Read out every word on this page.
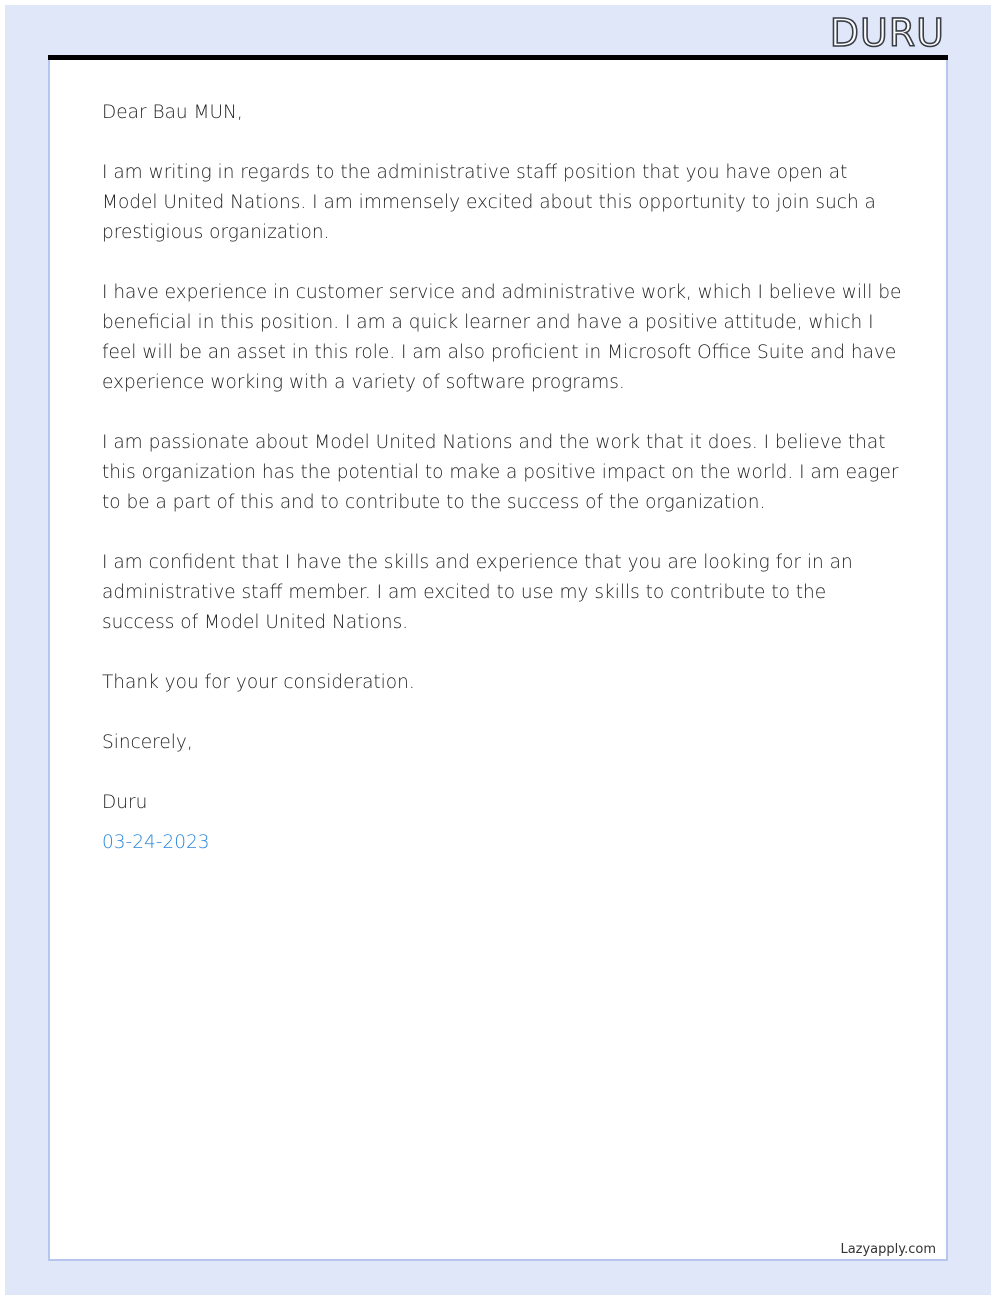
DURU

Dear Bau MUN,

I am writing in regards to the administrative staff position that you have open at Model United Nations. I am immensely excited about this opportunity to join such a prestigious organization.

I have experience in customer service and administrative work, which I believe will be beneficial in this position. I am a quick learner and have a positive attitude, which I feel will be an asset in this role. I am also proficient in Microsoft Office Suite and have experience working with a variety of software programs.

I am passionate about Model United Nations and the work that it does. I believe that this organization has the potential to make a positive impact on the world. I am eager to be a part of this and to contribute to the success of the organization.

I am confident that I have the skills and experience that you are looking for in an administrative staff member. I am excited to use my skills to contribute to the success of Model United Nations.

Thank you for your consideration.

Sincerely,

Duru

03-24-2023

Lazyapply.com
